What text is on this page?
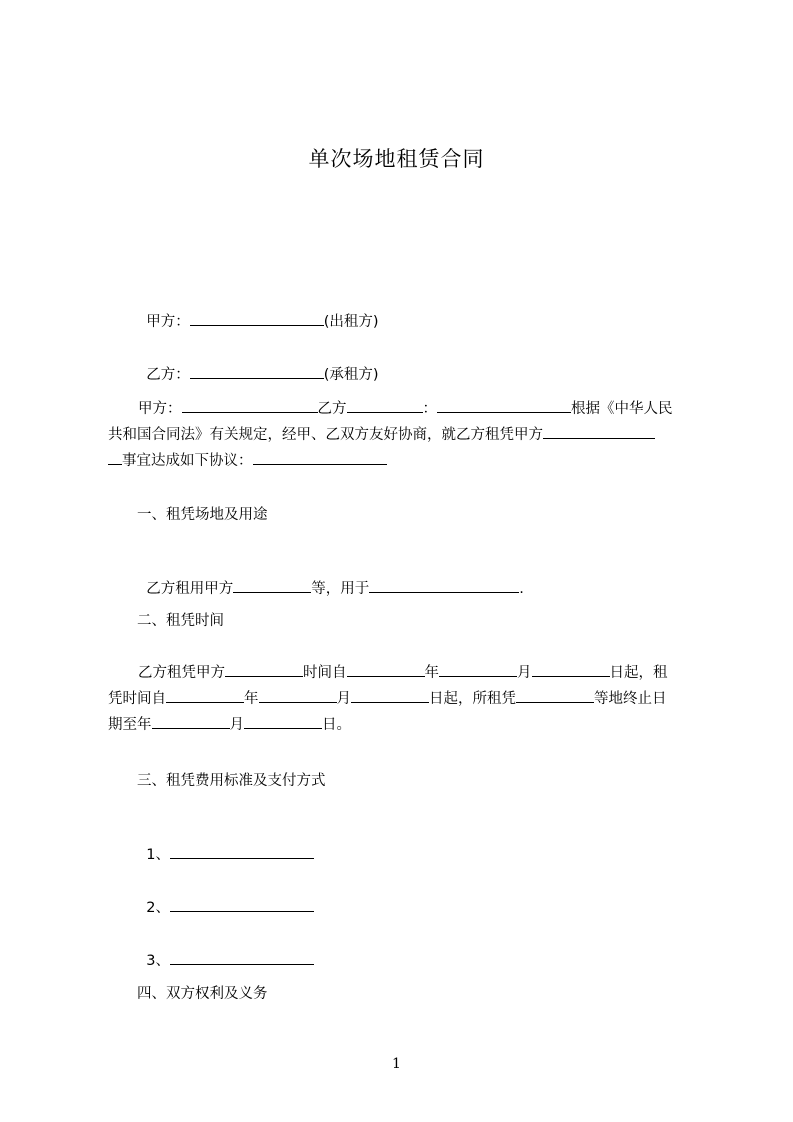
单次场地租赁合同

甲方：	(出租方)

乙方：	(承租方)

甲方：	乙方	：	根据《中华人民
共和国合同法》有关规定，经甲、乙双方友好协商，就乙方租凭甲方
事宜达成如下协议：
一、租凭场地及用途

乙方租用甲方	等，用于	.

二、租凭时间
乙方租凭甲方	时间自	年	月	日起，租
凭时间自	年	月	日起，所租凭	等地终止日
期至年	月	日。
三、租凭费用标准及支付方式

1、

2、

3、

四、双方权利及义务
1
